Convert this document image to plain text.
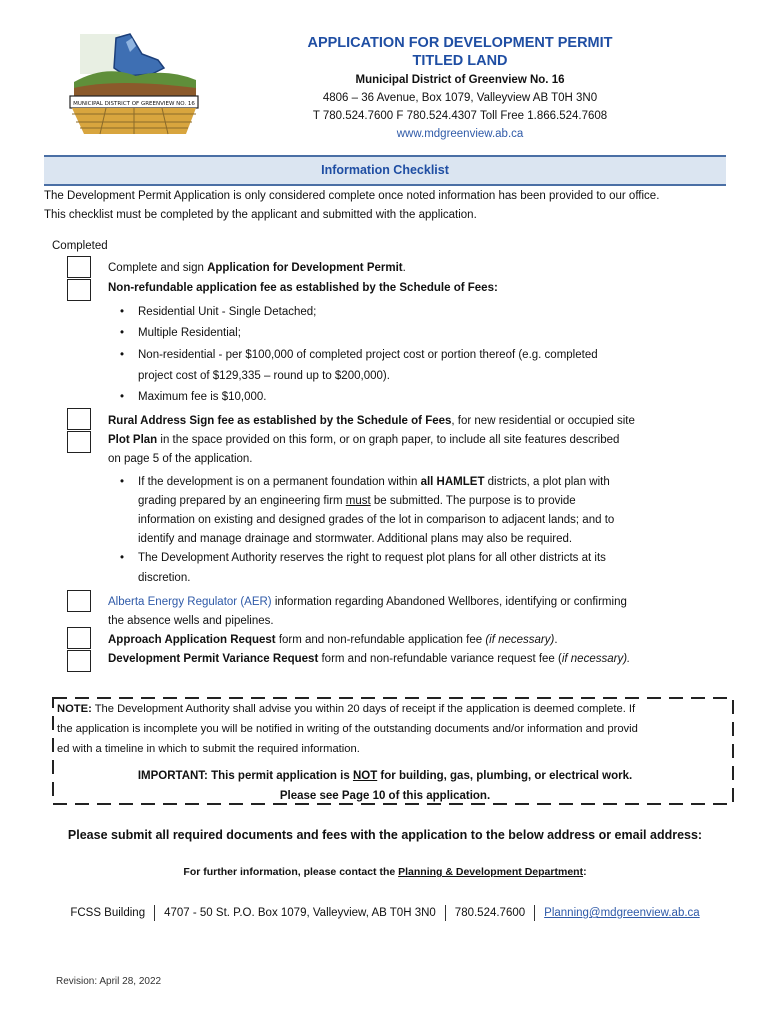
MUNICIPAL DISTRICT OF GREENVIEW NO. 16
APPLICATION FOR DEVELOPMENT PERMIT
TITLED LAND
Municipal District of Greenview No. 16
4806 – 36 Avenue, Box 1079, Valleyview AB T0H 3N0
T 780.524.7600 F 780.524.4307 Toll Free 1.866.524.7608
www.mdgreenview.ab.ca
Information Checklist
The Development Permit Application is only considered complete once noted information has been provided to our office.
This checklist must be completed by the applicant and submitted with the application.
Completed
Complete and sign Application for Development Permit.
Non-refundable application fee as established by the Schedule of Fees:
•	Residential Unit - Single Detached;
•	Multiple Residential;
•	Non-residential - per $100,000 of completed project cost or portion thereof (e.g. completed
project cost of $129,335 – round up to $200,000).
•	Maximum fee is $10,000.
Rural Address Sign fee as established by the Schedule of Fees, for new residential or occupied site
Plot Plan in the space provided on this form, or on graph paper, to include all site features described
on page 5 of the application.
•	If the development is on a permanent foundation within all HAMLET districts, a plot plan with
grading prepared by an engineering firm must be submitted. The purpose is to provide
information on existing and designed grades of the lot in comparison to adjacent lands; and to
identify and manage drainage and stormwater. Additional plans may also be required.
•	The Development Authority reserves the right to request plot plans for all other districts at its
discretion.
Alberta Energy Regulator (AER) information regarding Abandoned Wellbores, identifying or confirming
the absence wells and pipelines.
Approach Application Request form and non-refundable application fee (if necessary).
Development Permit Variance Request form and non-refundable variance request fee (if necessary).
NOTE: The Development Authority shall advise you within 20 days of receipt if the application is deemed complete. If
the application is incomplete you will be notified in writing of the outstanding documents and/or information and provid
ed with a timeline in which to submit the required information.
IMPORTANT: This permit application is NOT for building, gas, plumbing, or electrical work.
Please see Page 10 of this application.
Please submit all required documents and fees with the application to the below address or email address:
For further information, please contact the Planning & Development Department:
FCSS Building 4707 - 50 St. P.O. Box 1079, Valleyview, AB T0H 3N0 780.524.7600 Planning@mdgreenview.ab.ca
Revision: April 28, 2022
